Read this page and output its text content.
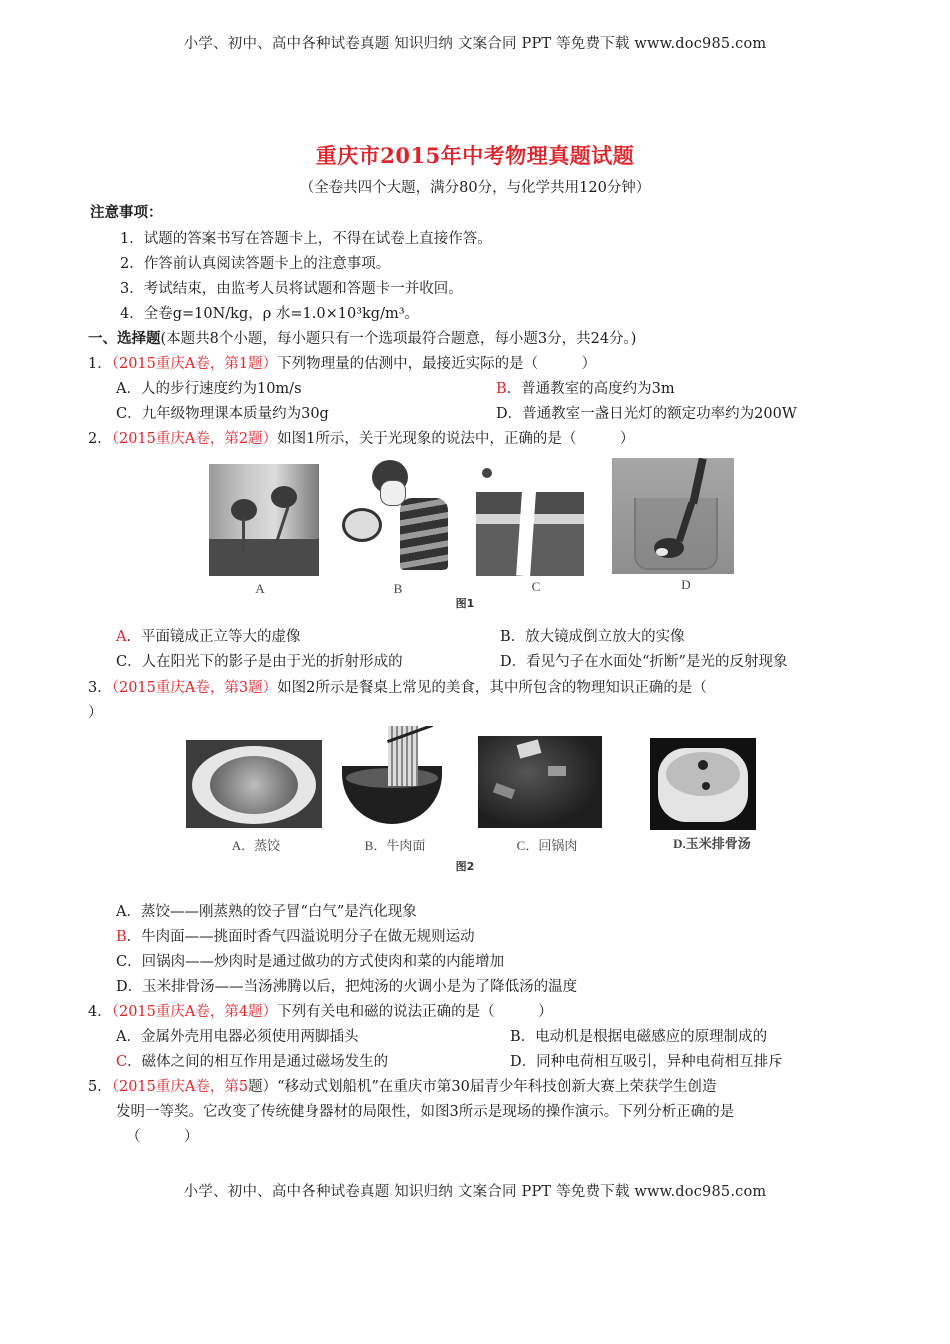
小学、初中、高中各种试卷真题 知识归纳 文案合同 PPT 等免费下载 www.doc985.com
重庆市2015年中考物理真题试题
（全卷共四个大题，满分80分，与化学共用120分钟）
注意事项：
1．试题的答案书写在答题卡上，不得在试卷上直接作答。
2．作答前认真阅读答题卡上的注意事项。
3．考试结束，由监考人员将试题和答题卡一并收回。
4．全卷g=10N/kg，ρ 水=1.0×10³kg/m³。
一、选择题(本题共8个小题，每小题只有一个选项最符合题意，每小题3分，共24分。)
1．（2015重庆A卷，第1题）下列物理量的估测中，最接近实际的是（　　　）
A．人的步行速度约为10m/s	B．普通教室的高度约为3m
C．九年级物理课本质量约为30g	D．普通教室一盏日光灯的额定功率约为200W
2．（2015重庆A卷，第2题）如图1所示，关于光现象的说法中，正确的是（　　　）
A	B	C	D
图1
A．平面镜成正立等大的虚像	B．放大镜成倒立放大的实像
C．人在阳光下的影子是由于光的折射形成的	D．看见勺子在水面处“折断”是光的反射现象
3．（2015重庆A卷，第3题）如图2所示是餐桌上常见的美食，其中所包含的物理知识正确的是（
）
A．蒸饺	B．牛肉面	C．回锅肉	D.玉米排骨汤
图2
A．蒸饺——刚蒸熟的饺子冒“白气”是汽化现象
B．牛肉面——挑面时香气四溢说明分子在做无规则运动
C．回锅肉——炒肉时是通过做功的方式使肉和菜的内能增加
D．玉米排骨汤——当汤沸腾以后，把炖汤的火调小是为了降低汤的温度
4．（2015重庆A卷，第4题）下列有关电和磁的说法正确的是（　　　）
A．金属外壳用电器必须使用两脚插头	B．电动机是根据电磁感应的原理制成的
C．磁体之间的相互作用是通过磁场发生的	D．同种电荷相互吸引，异种电荷相互排斥
5．（2015重庆A卷，第5题）“移动式划船机”在重庆市第30届青少年科技创新大赛上荣获学生创造
发明一等奖。它改变了传统健身器材的局限性，如图3所示是现场的操作演示。下列分析正确的是
（　　　）
小学、初中、高中各种试卷真题 知识归纳 文案合同 PPT 等免费下载 www.doc985.com
